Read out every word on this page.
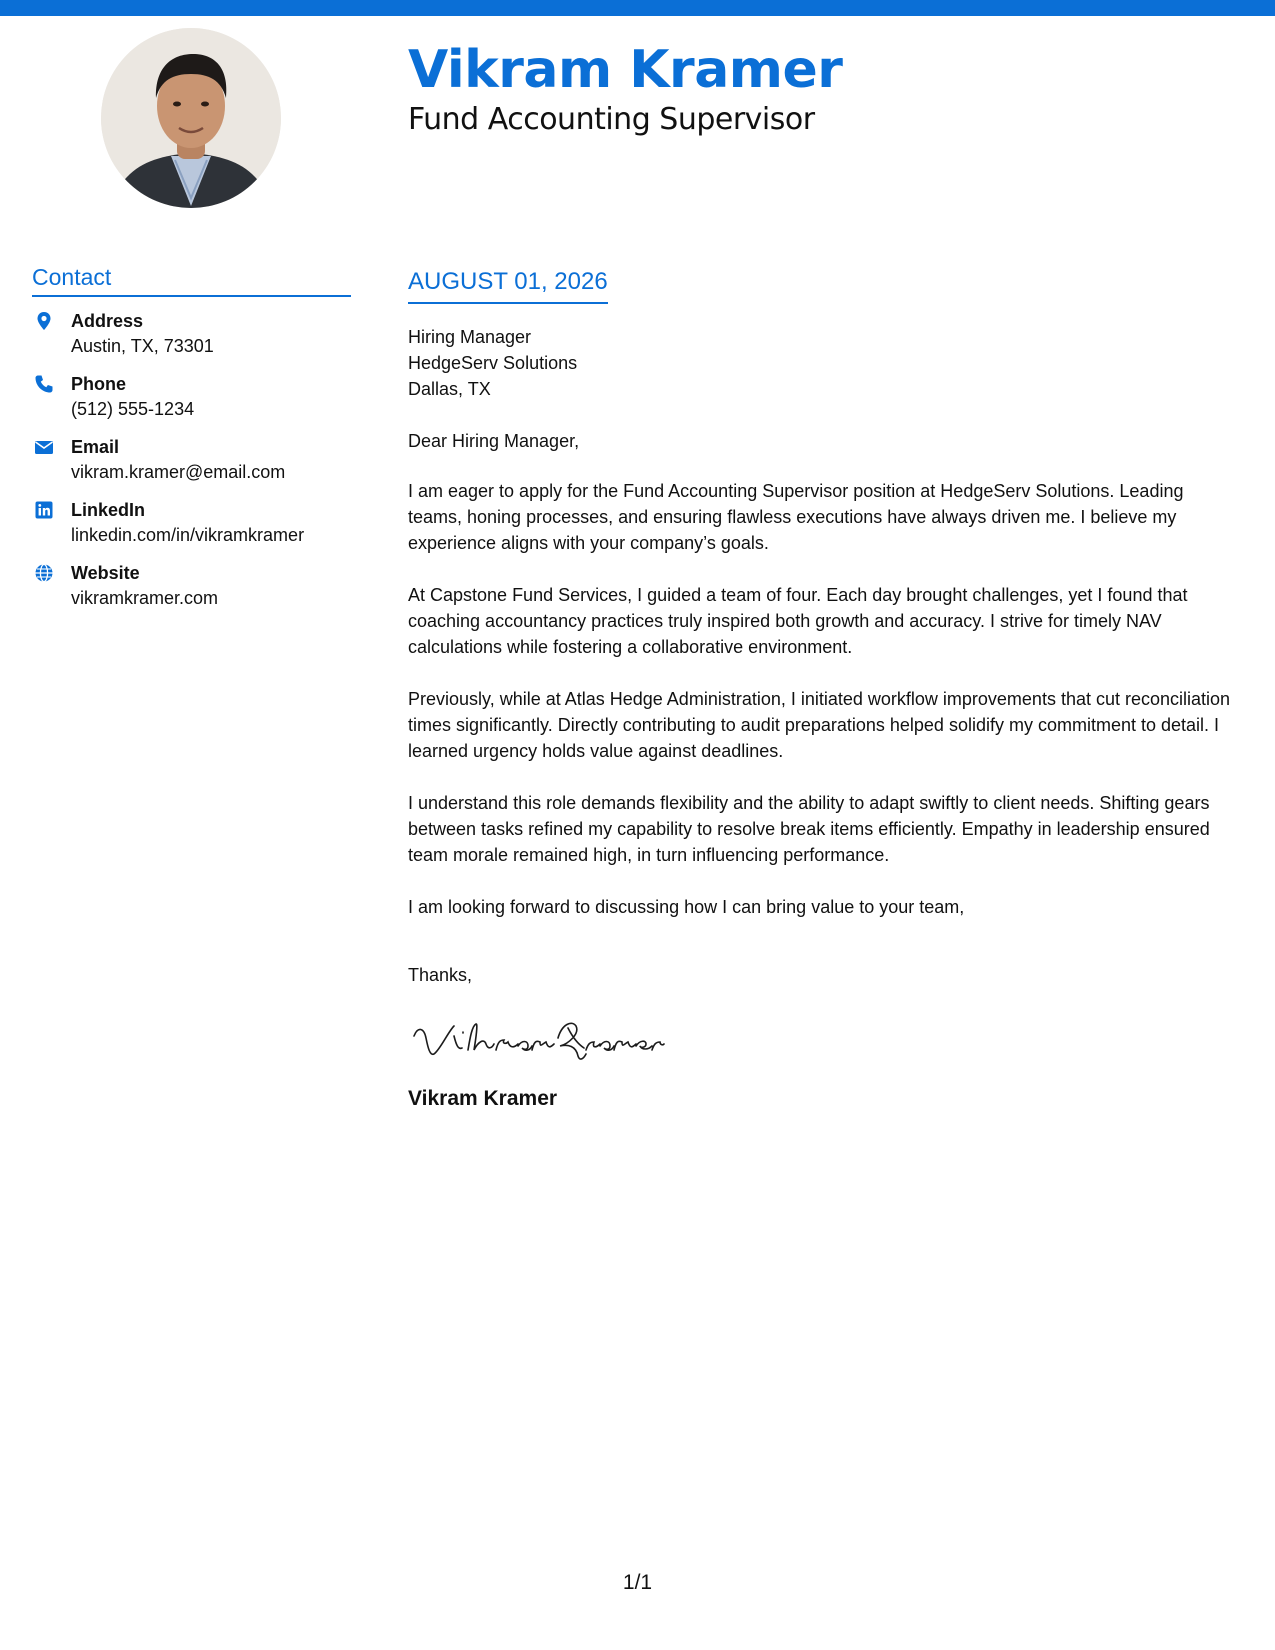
Vikram Kramer
Fund Accounting Supervisor
Contact
Address
Austin, TX, 73301
Phone
(512) 555-1234
Email
vikram.kramer@email.com
LinkedIn
linkedin.com/in/vikramkramer
Website
vikramkramer.com
AUGUST 01, 2026
Hiring Manager
HedgeServ Solutions
Dallas, TX
Dear Hiring Manager,

I am eager to apply for the Fund Accounting Supervisor position at HedgeServ Solutions. Leading teams, honing processes, and ensuring flawless executions have always driven me. I believe my experience aligns with your company’s goals.

At Capstone Fund Services, I guided a team of four. Each day brought challenges, yet I found that coaching accountancy practices truly inspired both growth and accuracy. I strive for timely NAV calculations while fostering a collaborative environment.

Previously, while at Atlas Hedge Administration, I initiated workflow improvements that cut reconciliation times significantly. Directly contributing to audit preparations helped solidify my commitment to detail. I learned urgency holds value against deadlines.

I understand this role demands flexibility and the ability to adapt swiftly to client needs. Shifting gears between tasks refined my capability to resolve break items efficiently. Empathy in leadership ensured team morale remained high, in turn influencing performance.

I am looking forward to discussing how I can bring value to your team,
Thanks,
Vikram Kramer
1/1
